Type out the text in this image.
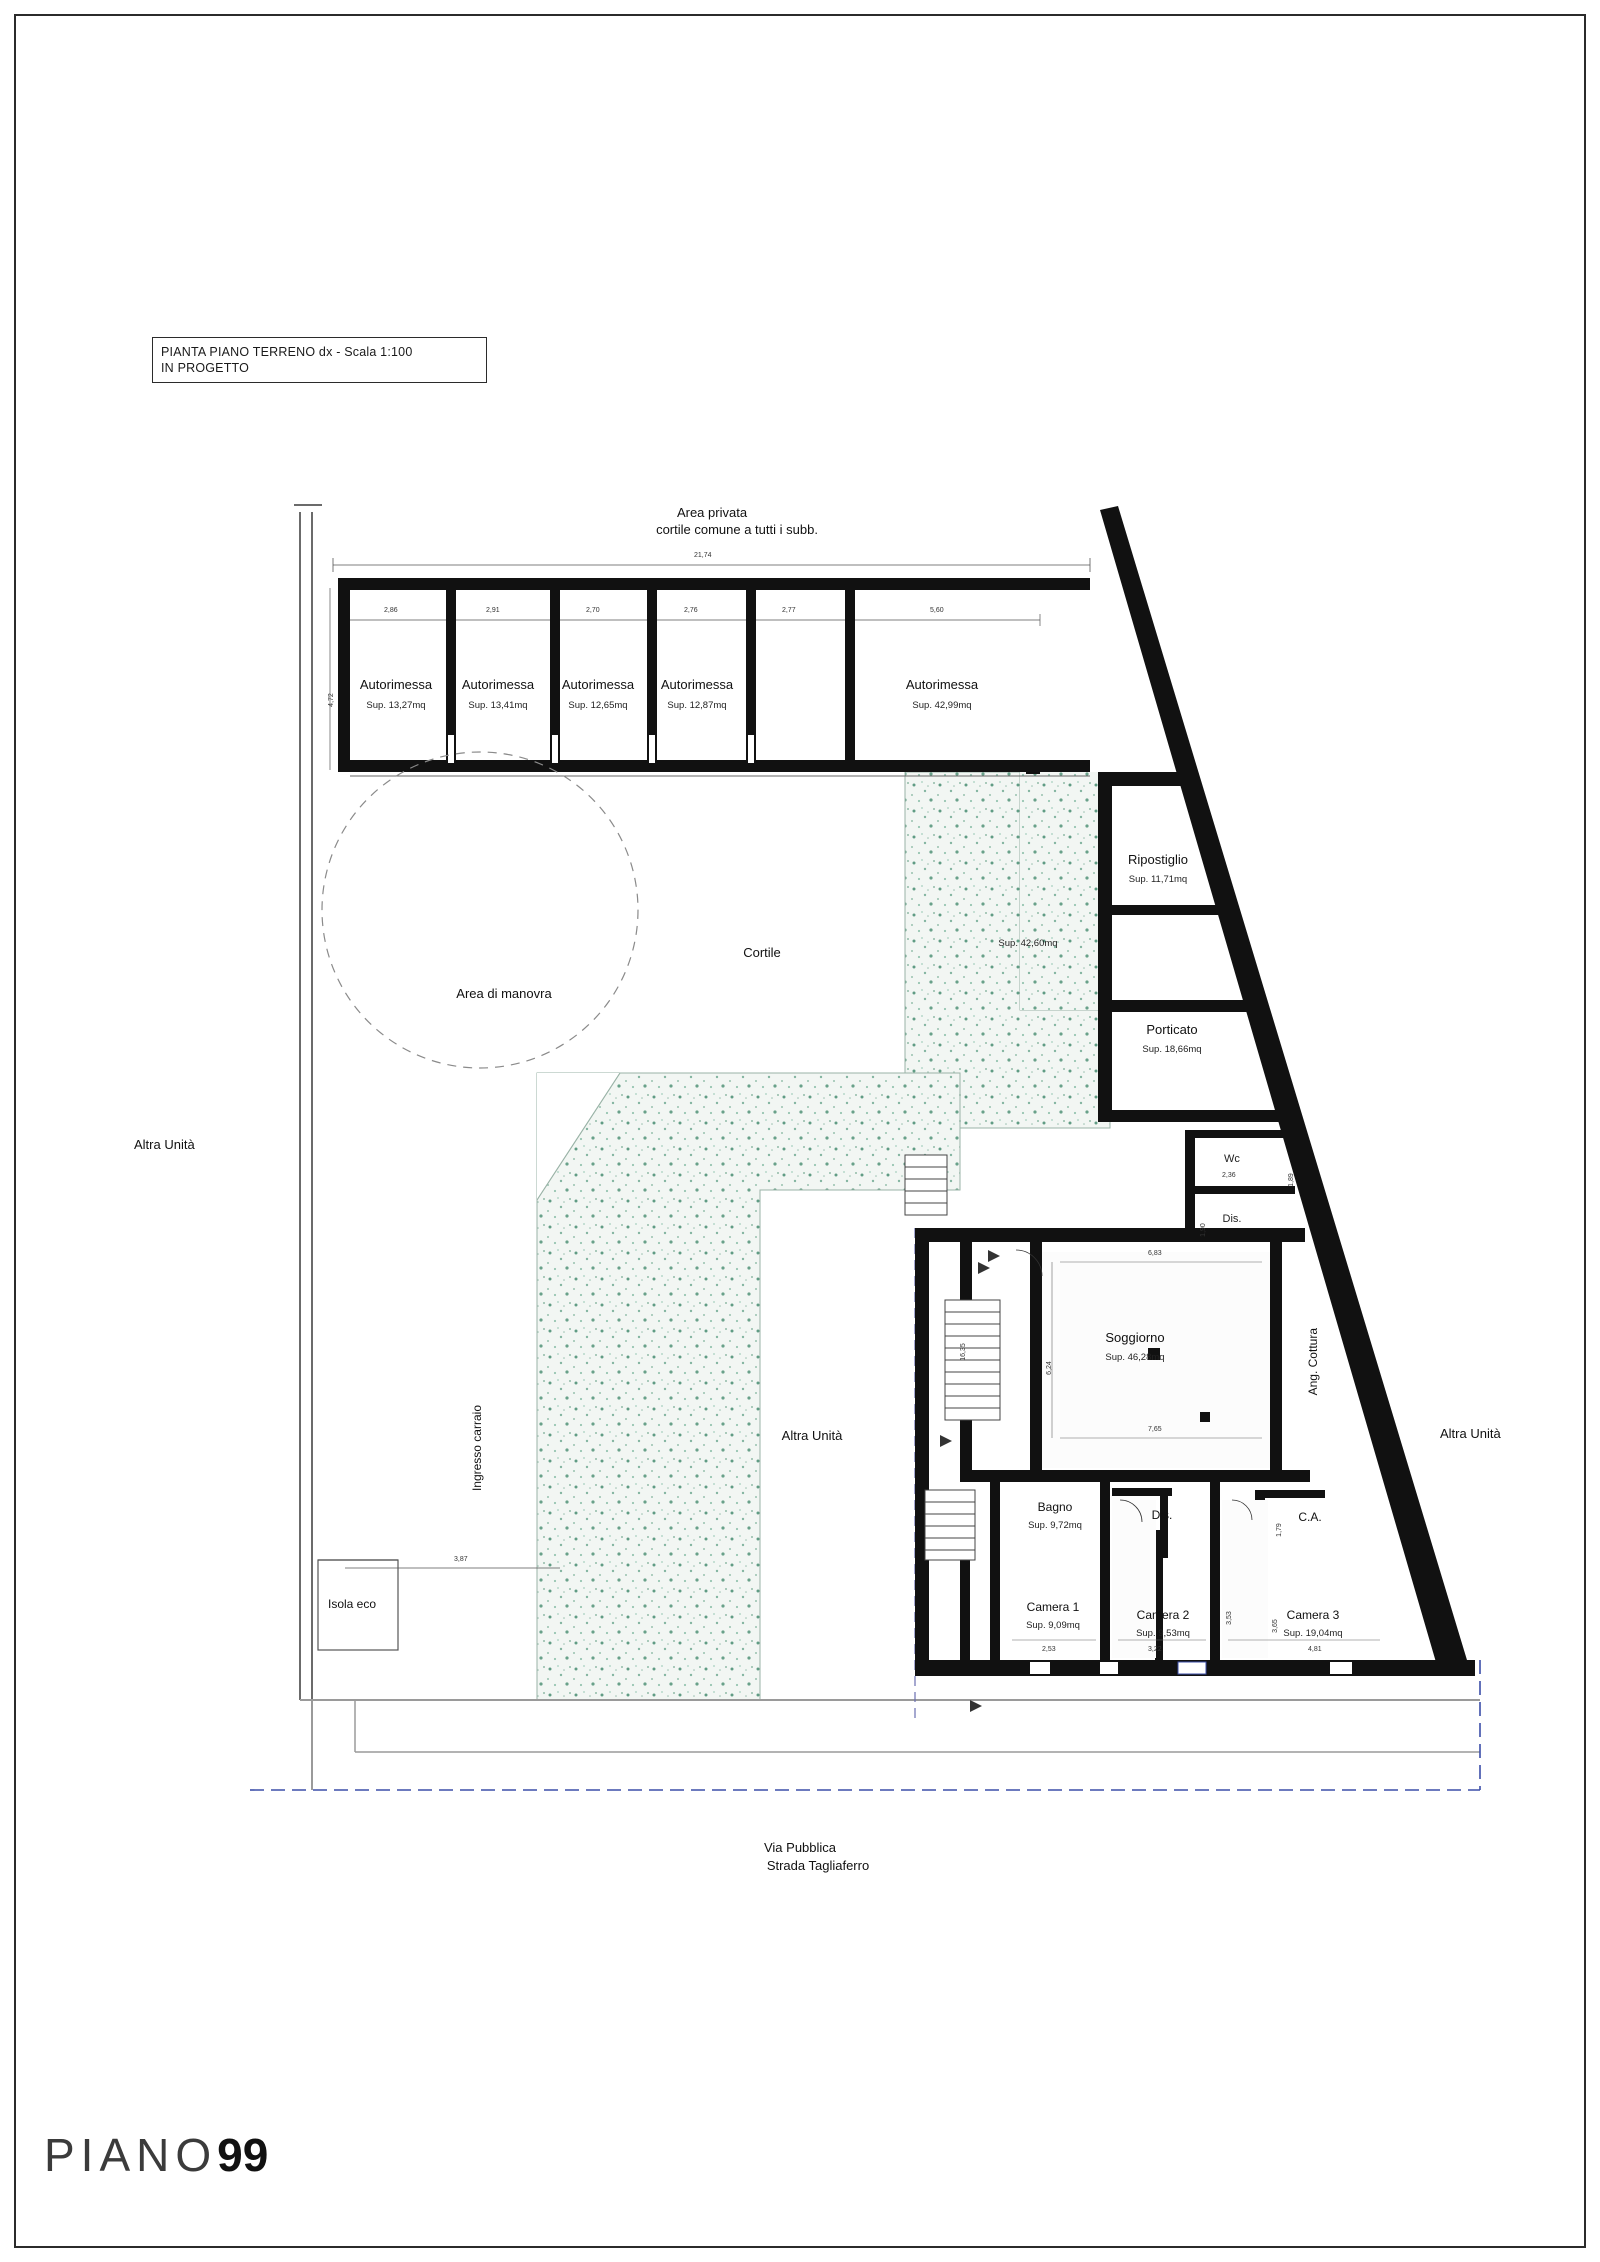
PIANTA PIANO TERRENO dx - Scala 1:100
IN PROGETTO
Area privata
cortile comune a tutti i subb.
Autorimessa
Sup. 13,27mq
Autorimessa
Sup. 13,41mq
Autorimessa
Sup. 12,65mq
Autorimessa
Sup. 12,87mq
Autorimessa
Sup. 42,99mq
Ripostiglio
Sup. 11,71mq
Porticato
Sup. 18,66mq
Wc
Dis.
Soggiorno
Sup. 46,28mq	Ang. Cottura
Bagno
Sup. 9,72mq
Dis.	C.A.
Camera 1
Sup. 9,09mq
Camera 2
Sup. 9,53mq
Camera 3
Sup. 19,04mq
Cortile
Sup. 42,60mq
Area di manovra
Altra Unità
Altra Unità
Altra Unità
Ingresso carraio
Isola eco
Via Pubblica
Strada Tagliaferro
21,74
2,86	2,91	2,70	2,76	2,77	5,60
4,72
3,87
6,83
7,65
6,24
2,36	1,89
1,90
1,79
2,53	3,22
3,53
4,81
3,65
16,35
PIANO99
